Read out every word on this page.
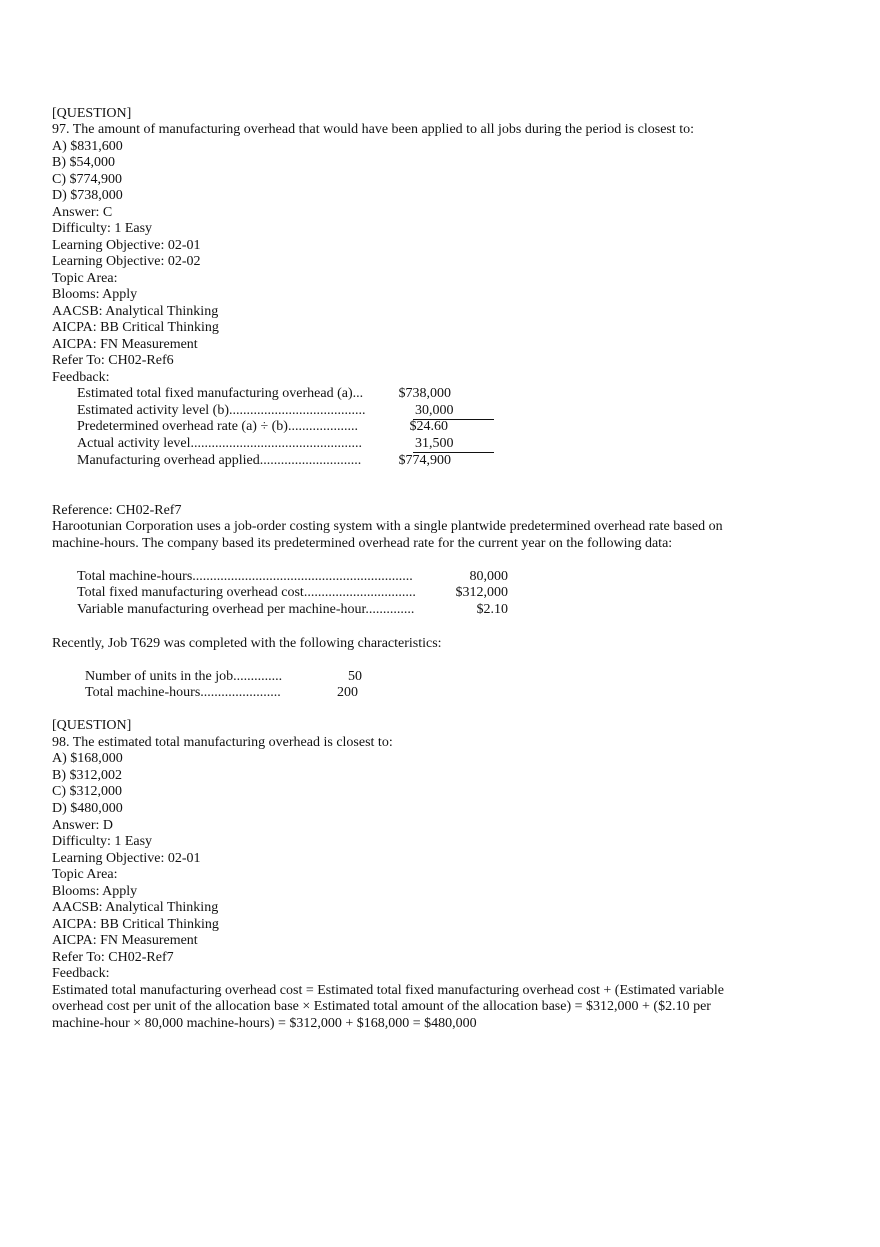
[QUESTION]
97. The amount of manufacturing overhead that would have been applied to all jobs during the period is closest to:
A) $831,600
B) $54,000
C) $774,900
D) $738,000
Answer: C
Difficulty: 1 Easy
Learning Objective: 02-01
Learning Objective: 02-02
Topic Area:
Blooms: Apply
AACSB: Analytical Thinking
AICPA: BB Critical Thinking
AICPA: FN Measurement
Refer To: CH02-Ref6
Feedback:
Estimated total fixed manufacturing overhead (a)...	$738,000
Estimated activity level (b).......................................	30,000
Predetermined overhead rate (a) ÷ (b)....................	$24.60
Actual activity level.................................................	31,500
Manufacturing overhead applied.............................	$774,900
Reference: CH02-Ref7
Harootunian Corporation uses a job-order costing system with a single plantwide predetermined overhead rate based on
machine-hours. The company based its predetermined overhead rate for the current year on the following data:
Total machine-hours...............................................................	80,000
Total fixed manufacturing overhead cost................................	$312,000
Variable manufacturing overhead per machine-hour..............	$2.10
Recently, Job T629 was completed with the following characteristics:
Number of units in the job..............	50
Total machine-hours.......................	200
[QUESTION]
98. The estimated total manufacturing overhead is closest to:
A) $168,000
B) $312,002
C) $312,000
D) $480,000
Answer: D
Difficulty: 1 Easy
Learning Objective: 02-01
Topic Area:
Blooms: Apply
AACSB: Analytical Thinking
AICPA: BB Critical Thinking
AICPA: FN Measurement
Refer To: CH02-Ref7
Feedback:
Estimated total manufacturing overhead cost = Estimated total fixed manufacturing overhead cost + (Estimated variable
overhead cost per unit of the allocation base × Estimated total amount of the allocation base) = $312,000 + ($2.10 per
machine-hour × 80,000 machine-hours) = $312,000 + $168,000 = $480,000
